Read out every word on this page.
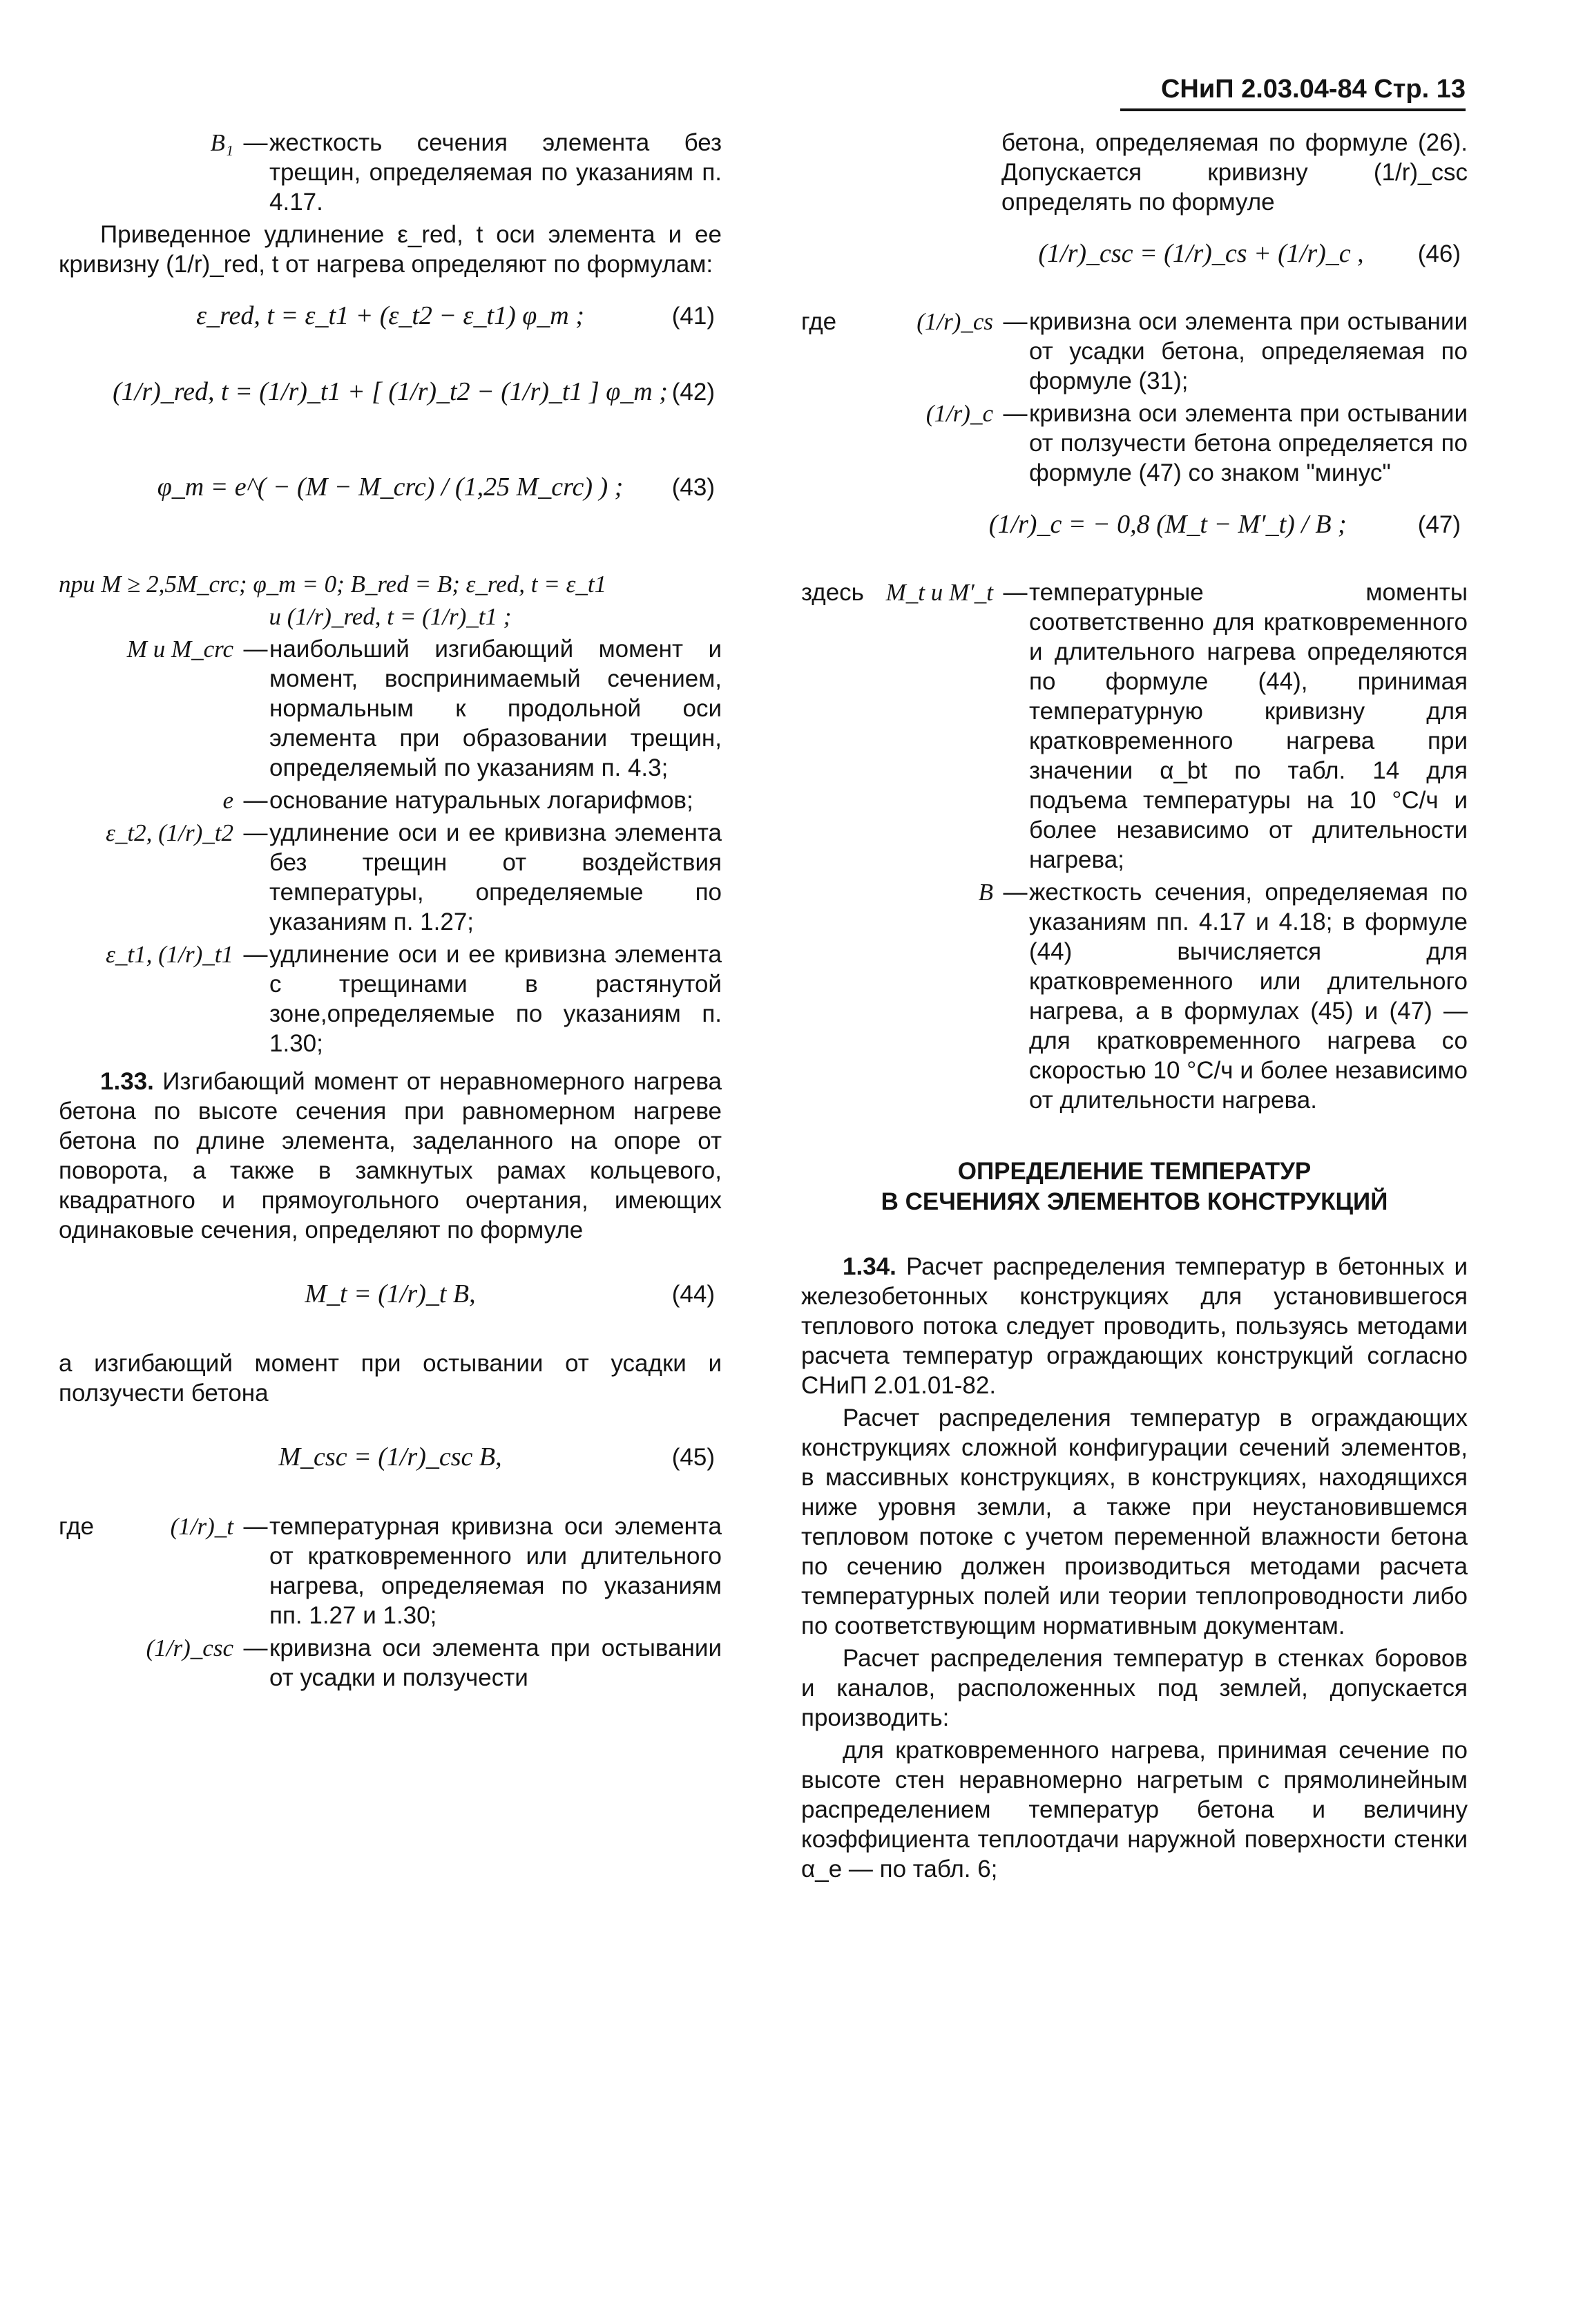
СНиП 2.03.04-84 Стр. 13
B₁ — жесткость сечения элемента без трещин, определяемая по указаниям п. 4.17.

Приведенное удлинение ε_red, t оси элемента и ее кривизну (1/r)_red, t от нагрева определяют по формулам:

ε_red, t = ε_t1 + (ε_t2 − ε_t1) φ_m ;	(41)
(1/r)_red, t = (1/r)_t1 + [ (1/r)_t2 − (1/r)_t1 ] φ_m ; (42)
φ_m = e^( − (M − M_crc) / (1,25 M_crc) ) ; (43)

при M ≥ 2,5M_crc; φ_m = 0; B_red = B; ε_red, t = ε_t1

и (1/r)_red, t = (1/r)_t1 ;

M и M_crc — наибольший изгибающий момент и момент, воспринимаемый сечением, нормальным к продольной оси элемента при образовании трещин, определяемый по указаниям п. 4.3;
e — основание натуральных логарифмов;
ε_t2, (1/r)_t2 — удлинение оси и ее кривизна элемента без трещин от воздействия температуры, определяемые по указаниям п. 1.27;
ε_t1, (1/r)_t1 — удлинение оси и ее кривизна элемента с трещинами в растянутой зоне,определяемые по указаниям п. 1.30;

1.33. Изгибающий момент от неравномерного нагрева бетона по высоте сечения при равномерном нагреве бетона по длине элемента, заделанного на опоре от поворота, а также в замкнутых рамах кольцевого, квадратного и прямоугольного очертания, имеющих одинаковые сечения, определяют по формуле

M_t = (1/r)_t B,	(44)

а изгибающий момент при остывании от усадки и ползучести бетона

M_csc = (1/r)_csc B,	(45)
где	(1/r)_t — температурная кривизна оси элемента от кратковременного или длительного нагрева, определяемая по указаниям пп. 1.27 и 1.30;
(1/r)_csc — кривизна оси элемента при остывании от усадки и ползучести
бетона, определяемая по формуле (26). Допускается кривизну (1/r)_csc определять по формуле
(1/r)_csc = (1/r)_cs + (1/r)_c , (46)
где	(1/r)_cs — кривизна оси элемента при остывании от усадки бетона, определяемая по формуле (31);
(1/r)_c — кривизна оси элемента при остывании от ползучести бетона определяется по формуле (47) со знаком "минус"
(1/r)_c = − 0,8 (M_t − M′_t) / B ;	(47)
здесь M_t и M′_t — температурные моменты соответственно для кратковременного и длительного нагрева определяются по формуле (44), принимая температурную кривизну для кратковременного нагрева при значении α_bt по табл. 14 для подъема температуры на 10 °С/ч и более независимо от длительности нагрева;
B — жесткость сечения, определяемая по указаниям пп. 4.17 и 4.18; в формуле (44) вычисляется для кратковременного или длительного нагрева, а в формулах (45) и (47) — для кратковременного нагрева со скоростью 10 °С/ч и более независимо от длительности нагрева.
ОПРЕДЕЛЕНИЕ ТЕМПЕРАТУР
В СЕЧЕНИЯХ ЭЛЕМЕНТОВ КОНСТРУКЦИЙ

1.34. Расчет распределения температур в бетонных и железобетонных конструкциях для установившегося теплового потока следует проводить, пользуясь методами расчета температур ограждающих конструкций согласно СНиП 2.01.01-82.

Расчет распределения температур в ограждающих конструкциях сложной конфигурации сечений элементов, в массивных конструкциях, в конструкциях, находящихся ниже уровня земли, а также при неустановившемся тепловом потоке с учетом переменной влажности бетона по сечению должен производиться методами расчета температурных полей или теории теплопроводности либо по соответствующим нормативным документам.

Расчет распределения температур в стенках боровов и каналов, расположенных под землей, допускается производить:

для кратковременного нагрева, принимая сечение по высоте стен неравномерно нагретым с прямолинейным распределением температур бетона и величину коэффициента теплоотдачи наружной поверхности стенки α_e — по табл. 6;
